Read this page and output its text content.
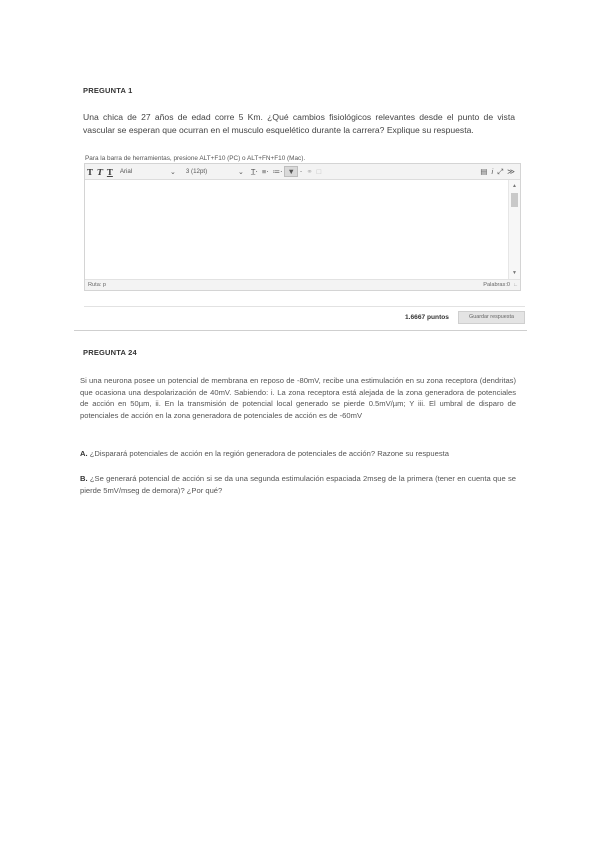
PREGUNTA 1
Una chica de 27 años de edad corre 5 Km. ¿Qué cambios fisiológicos relevantes desde el punto de vista vascular se esperan que ocurran en el musculo esquelético durante la carrera? Explique su respuesta.
Para la barra de herramientas, presione ALT+F10 (PC) o ALT+FN+F10 (Mac).
T T T	Arial	⌄ 3 (12pt)	⌄ T̲⋅ ≡⋅ ≔⋅ ▼ ⋅ ⚭ □	▤ i ⤢ ≫
▲
▼
Ruta: p	Palabras:0 ∟
1.6667 puntos	Guardar respuesta
PREGUNTA 24
Si una neurona posee un potencial de membrana en reposo de -80mV, recibe una estimulación en su zona receptora (dendritas) que ocasiona una despolarización de 40mV. Sabiendo: i. La zona receptora está alejada de la zona generadora de potenciales de acción en 50µm, ii. En la transmisión de potencial local generado se pierde 0.5mV/µm; Y iii. El umbral de disparo de potenciales de acción en la zona generadora de potenciales de acción es de -60mV
A. ¿Disparará potenciales de acción en la región generadora de potenciales de acción? Razone su respuesta
B. ¿Se generará potencial de acción si se da una segunda estimulación espaciada 2mseg de la primera (tener en cuenta que se pierde 5mV/mseg de demora)? ¿Por qué?
